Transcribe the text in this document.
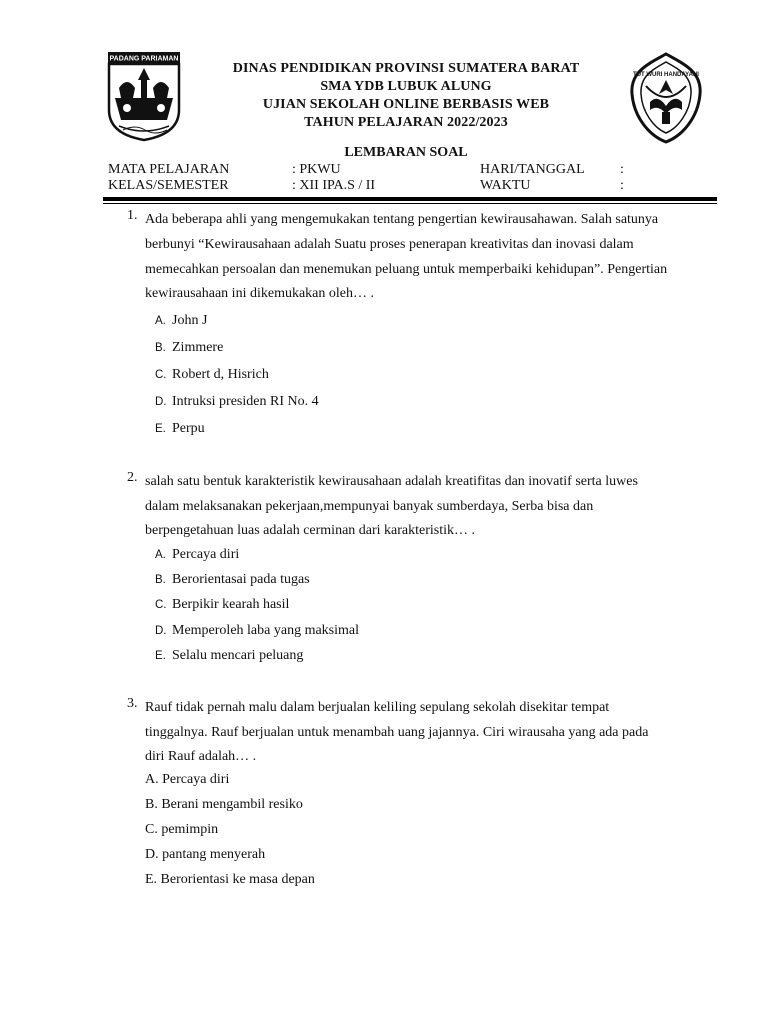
PADANG PARIAMAN
DINAS PENDIDIKAN PROVINSI SUMATERA BARAT
SMA YDB LUBUK ALUNG
UJIAN SEKOLAH ONLINE BERBASIS WEB
TAHUN PELAJARAN 2022/2023
TUT WURI HANDAYANI
LEMBARAN SOAL
MATA PELAJARAN	: PKWU	HARI/TANGGAL	:
KELAS/SEMESTER	: XII IPA.S / II	WAKTU	:
1. Ada beberapa ahli yang mengemukakan tentang pengertian kewirausahawan. Salah satunya
berbunyi “Kewirausahaan adalah Suatu proses penerapan kreativitas dan inovasi dalam
memecahkan persoalan dan menemukan peluang untuk memperbaiki kehidupan”. Pengertian
kewirausahaan ini dikemukakan oleh… .
A. John J
B. Zimmere
C. Robert d, Hisrich
D. Intruksi presiden RI No. 4
E. Perpu
2. salah satu bentuk karakteristik kewirausahaan adalah kreatifitas dan inovatif serta luwes
dalam melaksanakan pekerjaan,mempunyai banyak sumberdaya, Serba bisa dan
berpengetahuan luas adalah cerminan dari karakteristik… .
A. Percaya diri
B. Berorientasai pada tugas
C. Berpikir kearah hasil
D. Memperoleh laba yang maksimal
E. Selalu mencari peluang
3. Rauf tidak pernah malu dalam berjualan keliling sepulang sekolah disekitar tempat
tinggalnya. Rauf berjualan untuk menambah uang jajannya. Ciri wirausaha yang ada pada
diri Rauf adalah… .
A. Percaya diri
B. Berani mengambil resiko
C. pemimpin
D. pantang menyerah
E. Berorientasi ke masa depan
